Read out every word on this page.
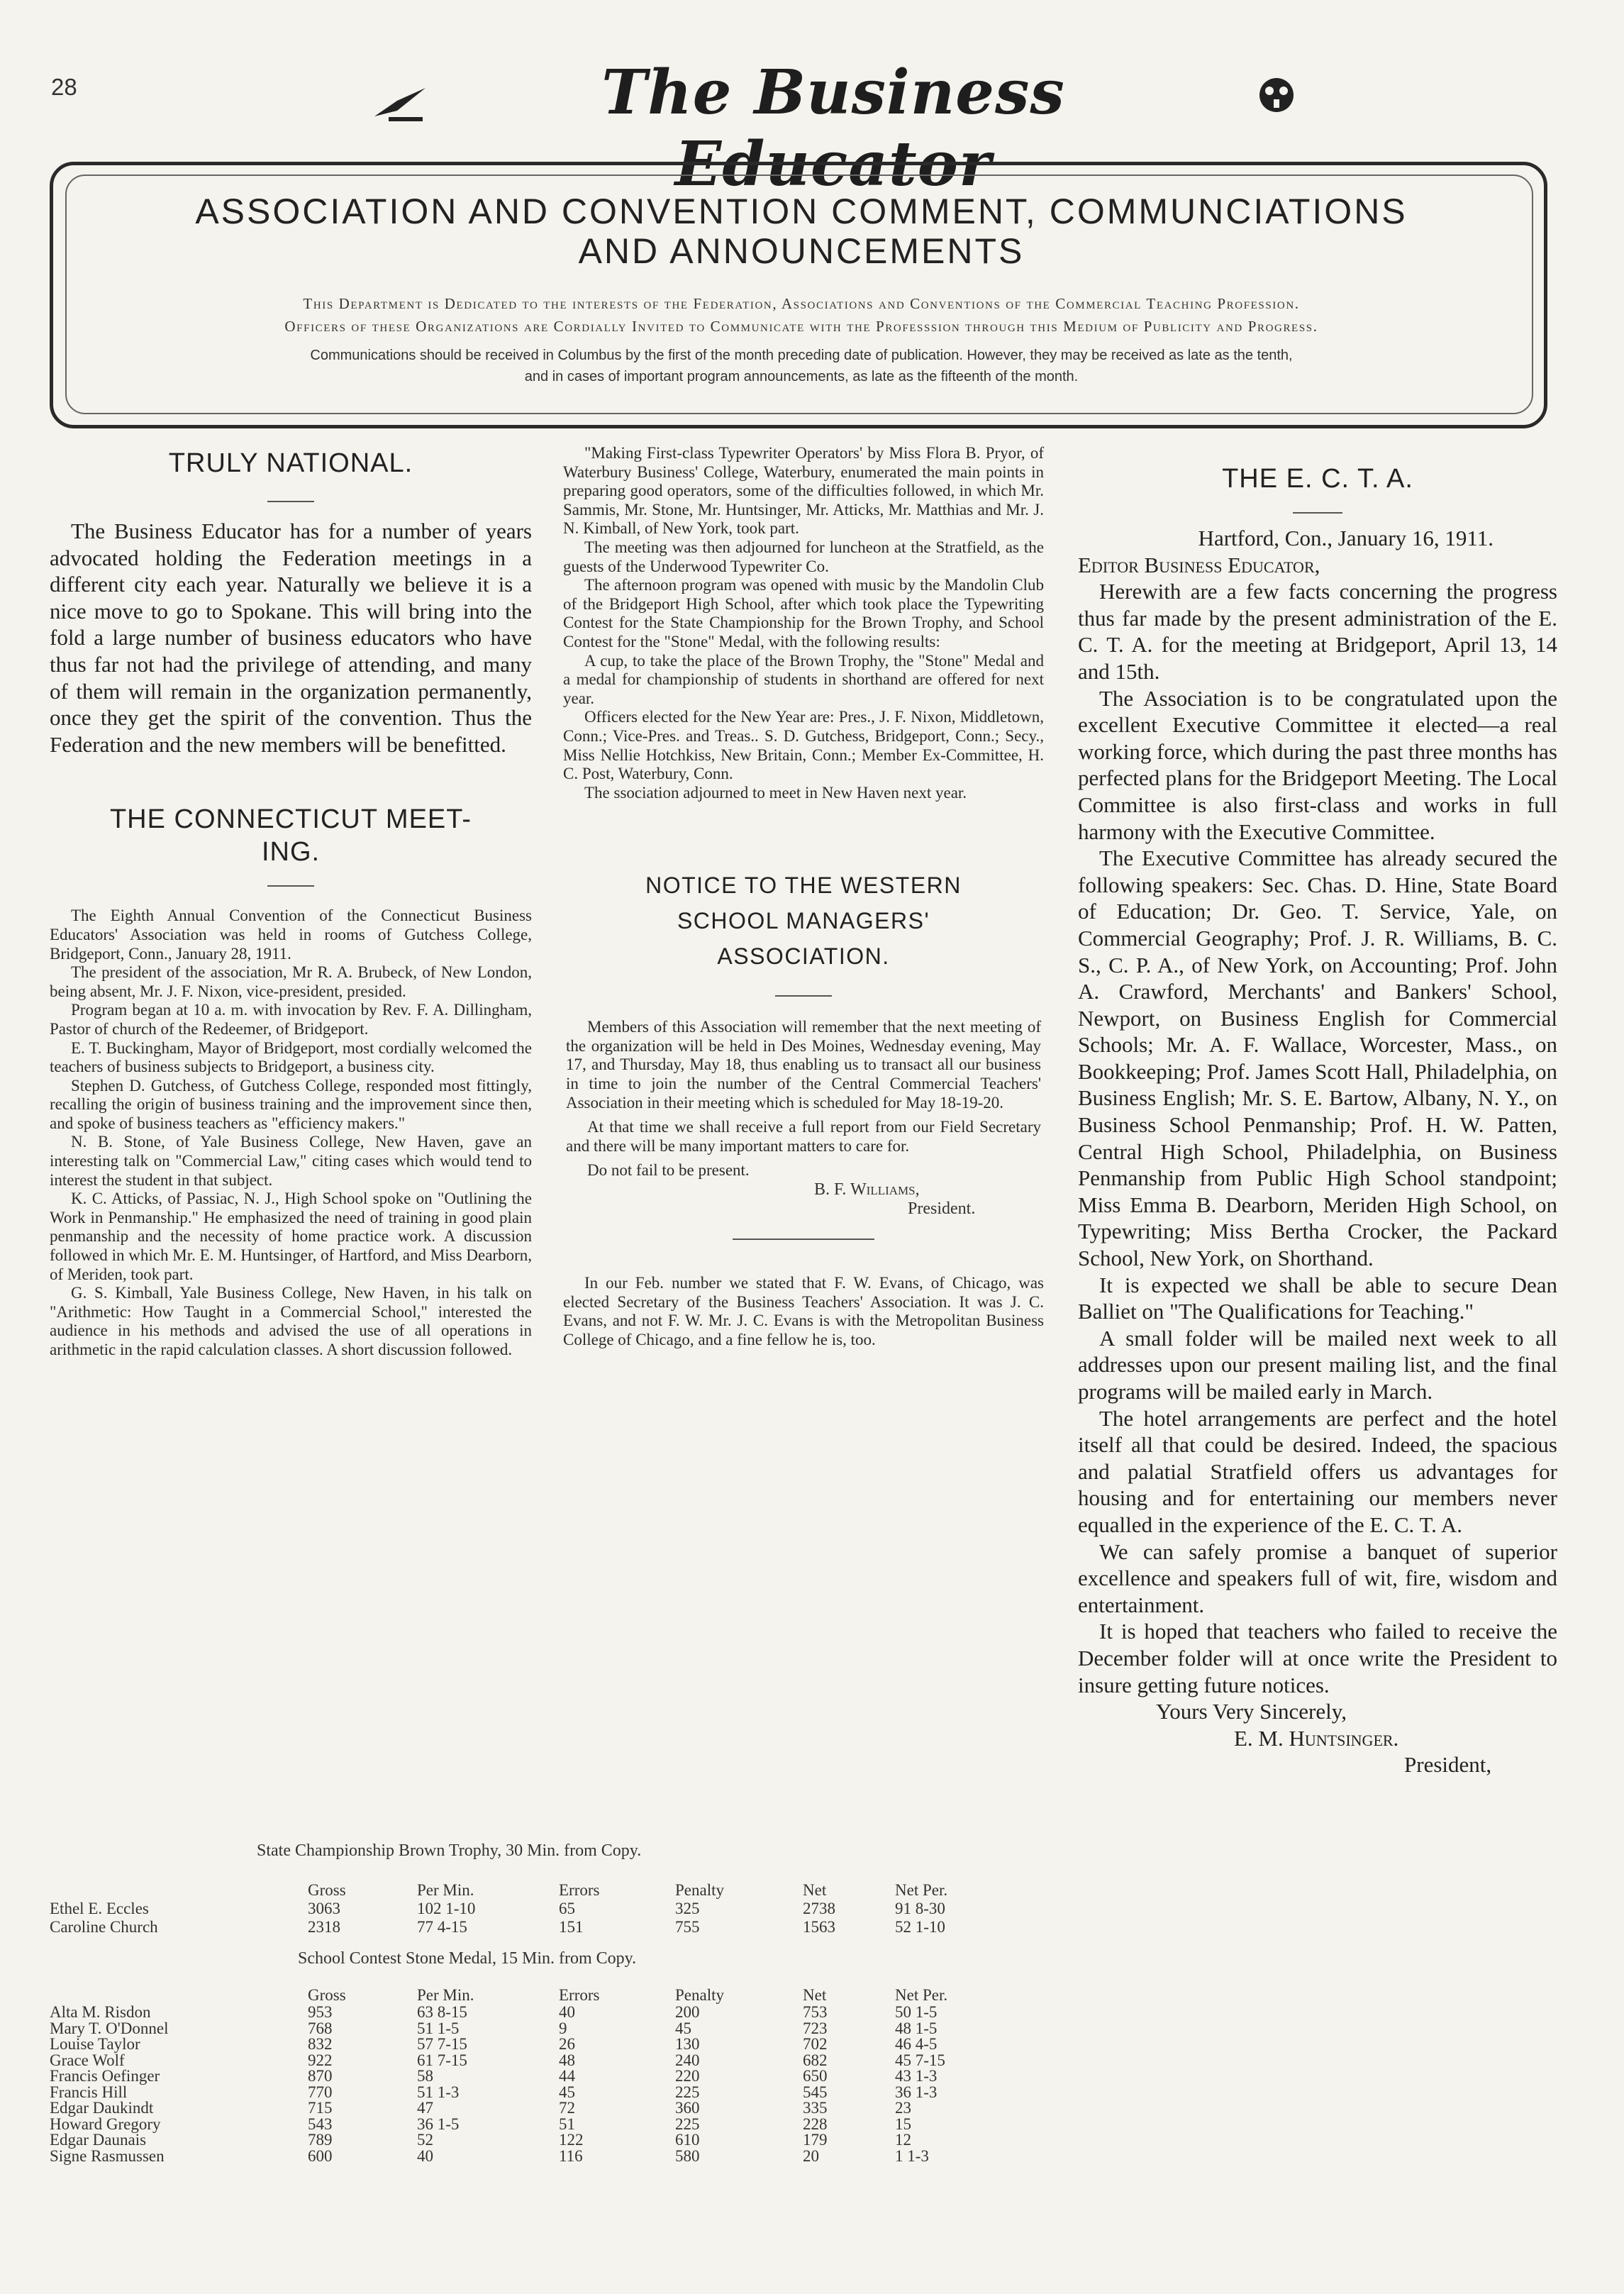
28	The Business Educator
ASSOCIATION AND CONVENTION COMMENT, COMMUNCIATIONS
AND ANNOUNCEMENTS
This Department is Dedicated to the interests of the Federation, Associations and Conventions of the Commercial Teaching Profession.
Officers of these Organizations are Cordially Invited to Communicate with the Professsion through this Medium of Publicity and Progress.
Communications should be received in Columbus by the first of the month preceding date of publication. However, they may be received as late as the tenth,
and in cases of important program announcements, as late as the fifteenth of the month.
TRULY NATIONAL.
The Business Educator has for a number of years advocated holding the Federation meetings in a different city each year. Naturally we believe it is a nice move to go to Spokane. This will bring into the fold a large number of business educators who have thus far not had the privilege of attending, and many of them will remain in the organization permanently, once they get the spirit of the convention. Thus the Federation and the new members will be benefitted.
THE CONNECTICUT MEET-
ING.

The Eighth Annual Convention of the Connecticut Business Educators' Association was held in rooms of Gutchess College, Bridgeport, Conn., January 28, 1911.

The president of the association, Mr R. A. Brubeck, of New London, being absent, Mr. J. F. Nixon, vice-president, presided.

Program began at 10 a. m. with invocation by Rev. F. A. Dillingham, Pastor of church of the Redeemer, of Bridgeport.

E. T. Buckingham, Mayor of Bridgeport, most cordially welcomed the teachers of business subjects to Bridgeport, a business city.

Stephen D. Gutchess, of Gutchess College, responded most fittingly, recalling the origin of business training and the improvement since then, and spoke of business teachers as "efficiency makers."

N. B. Stone, of Yale Business College, New Haven, gave an interesting talk on "Commercial Law," citing cases which would tend to interest the student in that subject.

K. C. Atticks, of Passiac, N. J., High School spoke on "Outlining the Work in Penmanship." He emphasized the need of training in good plain penmanship and the necessity of home practice work. A discussion followed in which Mr. E. M. Huntsinger, of Hartford, and Miss Dearborn, of Meriden, took part.

G. S. Kimball, Yale Business College, New Haven, in his talk on "Arithmetic: How Taught in a Commercial School," interested the audience in his methods and advised the use of all operations in arithmetic in the rapid calculation classes. A short discussion followed.

"Making First-class Typewriter Operators' by Miss Flora B. Pryor, of Waterbury Business' College, Waterbury, enumerated the main points in preparing good operators, some of the difficulties followed, in which Mr. Sammis, Mr. Stone, Mr. Huntsinger, Mr. Atticks, Mr. Matthias and Mr. J. N. Kimball, of New York, took part.

The meeting was then adjourned for luncheon at the Stratfield, as the guests of the Underwood Typewriter Co.

The afternoon program was opened with music by the Mandolin Club of the Bridgeport High School, after which took place the Typewriting Contest for the State Championship for the Brown Trophy, and School Contest for the "Stone" Medal, with the following results:

A cup, to take the place of the Brown Trophy, the "Stone" Medal and a medal for championship of students in shorthand are offered for next year.

Officers elected for the New Year are: Pres., J. F. Nixon, Middletown, Conn.; Vice-Pres. and Treas.. S. D. Gutchess, Bridgeport, Conn.; Secy., Miss Nellie Hotchkiss, New Britain, Conn.; Member Ex-Committee, H. C. Post, Waterbury, Conn.

The ssociation adjourned to meet in New Haven next year.

NOTICE TO THE WESTERN
SCHOOL MANAGERS'
ASSOCIATION.

Members of this Association will remember that the next meeting of the organization will be held in Des Moines, Wednesday evening, May 17, and Thursday, May 18, thus enabling us to transact all our business in time to join the number of the Central Commercial Teachers' Association in their meeting which is scheduled for May 18-19-20.

At that time we shall receive a full report from our Field Secretary and there will be many important matters to care for.

Do not fail to be present.

B. F. Williams,
President.

In our Feb. number we stated that F. W. Evans, of Chicago, was elected Secretary of the Business Teachers' Association. It was J. C. Evans, and not F. W. Mr. J. C. Evans is with the Metropolitan Business College of Chicago, and a fine fellow he is, too.

THE E. C. T. A.
Hartford, Con., January 16, 1911.
Editor Business Educator,

Herewith are a few facts concerning the progress thus far made by the present administration of the E. C. T. A. for the meeting at Bridgeport, April 13, 14 and 15th.

The Association is to be congratulated upon the excellent Executive Committee it elected—a real working force, which during the past three months has perfected plans for the Bridgeport Meeting. The Local Committee is also first-class and works in full harmony with the Executive Committee.

The Executive Committee has already secured the following speakers: Sec. Chas. D. Hine, State Board of Education; Dr. Geo. T. Service, Yale, on Commercial Geography; Prof. J. R. Williams, B. C. S., C. P. A., of New York, on Accounting; Prof. John A. Crawford, Merchants' and Bankers' School, Newport, on Business English for Commercial Schools; Mr. A. F. Wallace, Worcester, Mass., on Bookkeeping; Prof. James Scott Hall, Philadelphia, on Business English; Mr. S. E. Bartow, Albany, N. Y., on Business School Penmanship; Prof. H. W. Patten, Central High School, Philadelphia, on Business Penmanship from Public High School standpoint; Miss Emma B. Dearborn, Meriden High School, on Typewriting; Miss Bertha Crocker, the Packard School, New York, on Shorthand.

It is expected we shall be able to secure Dean Balliet on "The Qualifications for Teaching."

A small folder will be mailed next week to all addresses upon our present mailing list, and the final programs will be mailed early in March.

The hotel arrangements are perfect and the hotel itself all that could be desired. Indeed, the spacious and palatial Stratfield offers us advantages for housing and for entertaining our members never equalled in the experience of the E. C. T. A.

We can safely promise a banquet of superior excellence and speakers full of wit, fire, wisdom and entertainment.

It is hoped that teachers who failed to receive the December folder will at once write the President to insure getting future notices.

Yours Very Sincerely,
E. M. Huntsinger.
President,
State Championship Brown Trophy, 30 Min. from Copy.
	Gross	Per Min.	Errors	Penalty	Net	Net Per.
Ethel E. Eccles	3063	102 1-10	65	325	2738	91 8-30
Caroline Church	2318	77 4-15	151	755	1563	52 1-10
School Contest Stone Medal, 15 Min. from Copy.
	Gross	Per Min.	Errors	Penalty	Net	Net Per.
Alta M. Risdon	953	63 8-15	40	200	753	50 1-5
Mary T. O'Donnel	768	51 1-5	9	45	723	48 1-5
Louise Taylor	832	57 7-15	26	130	702	46 4-5
Grace Wolf	922	61 7-15	48	240	682	45 7-15
Francis Oefinger	870	58	44	220	650	43 1-3
Francis Hill	770	51 1-3	45	225	545	36 1-3
Edgar Daukindt	715	47	72	360	335	23
Howard Gregory	543	36 1-5	51	225	228	15
Edgar Daunais	789	52	122	610	179	12
Signe Rasmussen	600	40	116	580	20	1 1-3
